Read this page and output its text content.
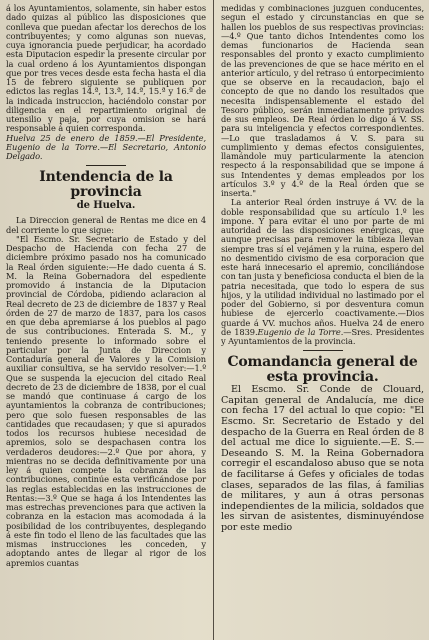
á los Ayuntamientos, solamente, sin haber estos dado quizas al público las disposiciones que conlleva que puedan afectar los derechos de los contribuyentes; y como algunas son nuevas, cuya ignorancia puede perjudicar, ha acordado esta Diputacion espedir la presente circular por la cual ordeno á los Ayuntamientos dispongan que por tres veces desde esta fecha hasta el dia 15 de febrero siguiente se publiquen por edictos las reglas 14.ª, 13.ª, 14.ª, 15.ª y 16.ª de la indicada instruccion, haciéndolo constar por diligencia en el repartimiento original de utensilio y paja, por cuya omision se hará responsable á quien corresponda.

Huelva 25 de enero de 1859.—El Presidente, Eugenio de la Torre.—El Secretario, Antonio Delgado.

Intendencia de la provincia
de Huelva.

La Direccion general de Rentas me dice en 4 del corriente lo que sigue:

"El Escmo. Sr. Secretario de Estado y del Despacho de Hacienda con fecha 27 de diciembre próximo pasado nos ha comunicado la Real órden siguiente:—He dado cuenta á S. M. la Reina Gobernadora del espediente promovido á instancia de la Diputacion provincial de Córdoba, pidiendo aclaracion al Real decreto de 23 de diciembre de 1837 y Real órden de 27 de marzo de 1837, para los casos en que deba apremiarse á los pueblos al pago de sus contribuciones. Enterada S. M., y teniendo presente lo informado sobre el particular por la Junta de Direccion y Contaduría general de Valores y la Comision auxiliar consultiva, se ha servido resolver:—1.º Que se suspenda la ejecucion del citado Real decreto de 23 de diciembre de 1838, por el cual se mandó que continuase á cargo de los ayuntamientos la cobranza de contribuciones; pero que solo fuesen responsables de las cantidades que recaudasen; y que si apurados todos los recursos hubiese necesidad de apremios, solo se despachasen contra los verdaderos deudores:—2.º Que por ahora, y mientras no se decida definitivamente por una ley á quien compete la cobranza de las contribuciones, continúe esta verificándose por las reglas establecidas en las instrucciones de Rentas:—3.º Que se haga á los Intendentes las mas estrechas prevenciones para que activen la cobranza en la estacion mas acomodada á la posibilidad de los contribuyentes, desplegando á este fin todo el lleno de las facultades que las mismas instrucciones les conceden, y adoptando antes de llegar al rigor de los apremios cuantas

medidas y combinaciones juzguen conducentes, segun el estado y circunstancias en que se hallen los pueblos de sus respectivas provincias:—4.º Que tanto dichos Intendentes como los demas funcionarios de Hacienda sean responsables del pronto y exacto cumplimiento de las prevenciones de que se hace mérito en el anterior artículo, y del retraso ú entorpecimiento que se observe en la recaudacion, bajo el concepto de que no dando los resultados que necesita indispensablemente el estado del Tesoro público, serán inmediatamente privados de sus empleos. De Real órden lo digo á V. SS. para su inteligencia y efectos correspondientes.—Lo que trasladamos á V. S. para su cumplimiento y demas efectos consiguientes, llamándole muy particularmente la atencion respecto á la responsabilidad que se impone á sus Intendentes y demas empleados por los artículos 3.º y 4.º de la Real órden que se inserta."

La anterior Real órden instruye á VV. de la doble responsabilidad que su artículo 1.º les impone. Y para evitar el uno por parte de mi autoridad de las disposiciones enérgicas, que aunque precisas para remover la tibieza llevan siempre tras sí el vejámen y la ruina, espero del no desmentido civismo de esa corporacion que este hará innecesario el apremio, conciliándose con tan justa y beneficiosa conducta el bien de la patria necesitada, que todo lo espera de sus hijos, y la utilidad individual no lastimado por el poder del Gobierno, si por desventura comun hubiese de ejercerlo coactivamente.—Dios guarde á VV. muchos años. Huelva 24 de enero de 1839.Eugenio de la Torre.—Sres. Presidentes y Ayuntamientos de la provincia.

Comandancia general de esta provincia.

El Escmo. Sr. Conde de Clouard, Capitan general de Andalucía, me dice con fecha 17 del actual lo que copio: "El Escmo. Sr. Secretario de Estado y del despacho de la Guerra en Real órden de 8 del actual me dice lo siguiente.—E. S.—Deseando S. M. la Reina Gobernadora corregir el escandaloso abuso que se nota de facilitarse á Gefes y oficiales de todas clases, separados de las filas, á familias de militares, y aun á otras personas independientes de la milicia, soldados que les sirvan de asistentes, disminuyéndose por este medio
